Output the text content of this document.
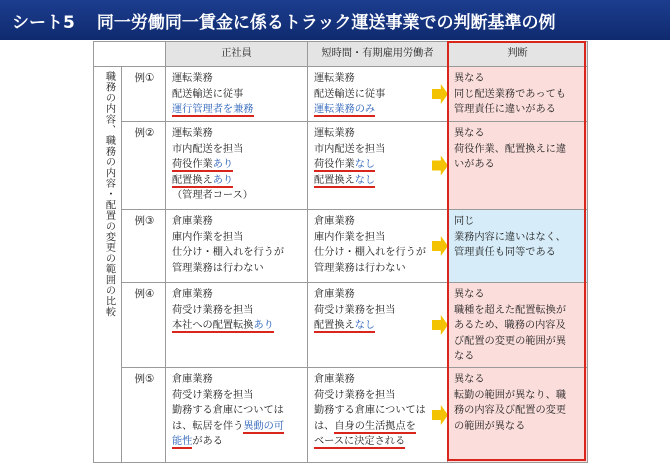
シート5 同一労働同一賃金に係るトラック運送事業での判断基準の例
		正社員	短時間・有期雇用労働者	判断
職務の内容、職務の内容・配置の変更の範囲の比較	例①	運転業務
配送輸送に従事
運行管理者を兼務	運転業務
配送輸送に従事
運転業務のみ	異なる
同じ配送業務であっても
管理責任に違いがある

	例②	運転業務
市内配送を担当
荷役作業あり
配置換えあり
（管理者コース）	運転業務
市内配送を担当
荷役作業なし
配置換えなし	異なる
荷役作業、配置換えに違
いがある

	例③	倉庫業務
庫内作業を担当
仕分け・棚入れを行うが
管理業務は行わない	倉庫業務
庫内作業を担当
仕分け・棚入れを行うが
管理業務は行わない	同じ
業務内容に違いはなく、
管理責任も同等である

	例④	倉庫業務
荷受け業務を担当
本社への配置転換あり	倉庫業務
荷受け業務を担当
配置換えなし	異なる
職種を超えた配置転換が
あるため、職務の内容及
び配置の変更の範囲が異
なる

	例⑤	倉庫業務
荷受け業務を担当
勤務する倉庫については
は、転居を伴う異動の可
能性がある	倉庫業務
荷受け業務を担当
勤務する倉庫については
は、自身の生活拠点を
ベースに決定される	異なる
転勤の範囲が異なり、職
務の内容及び配置の変更
の範囲が異なる
